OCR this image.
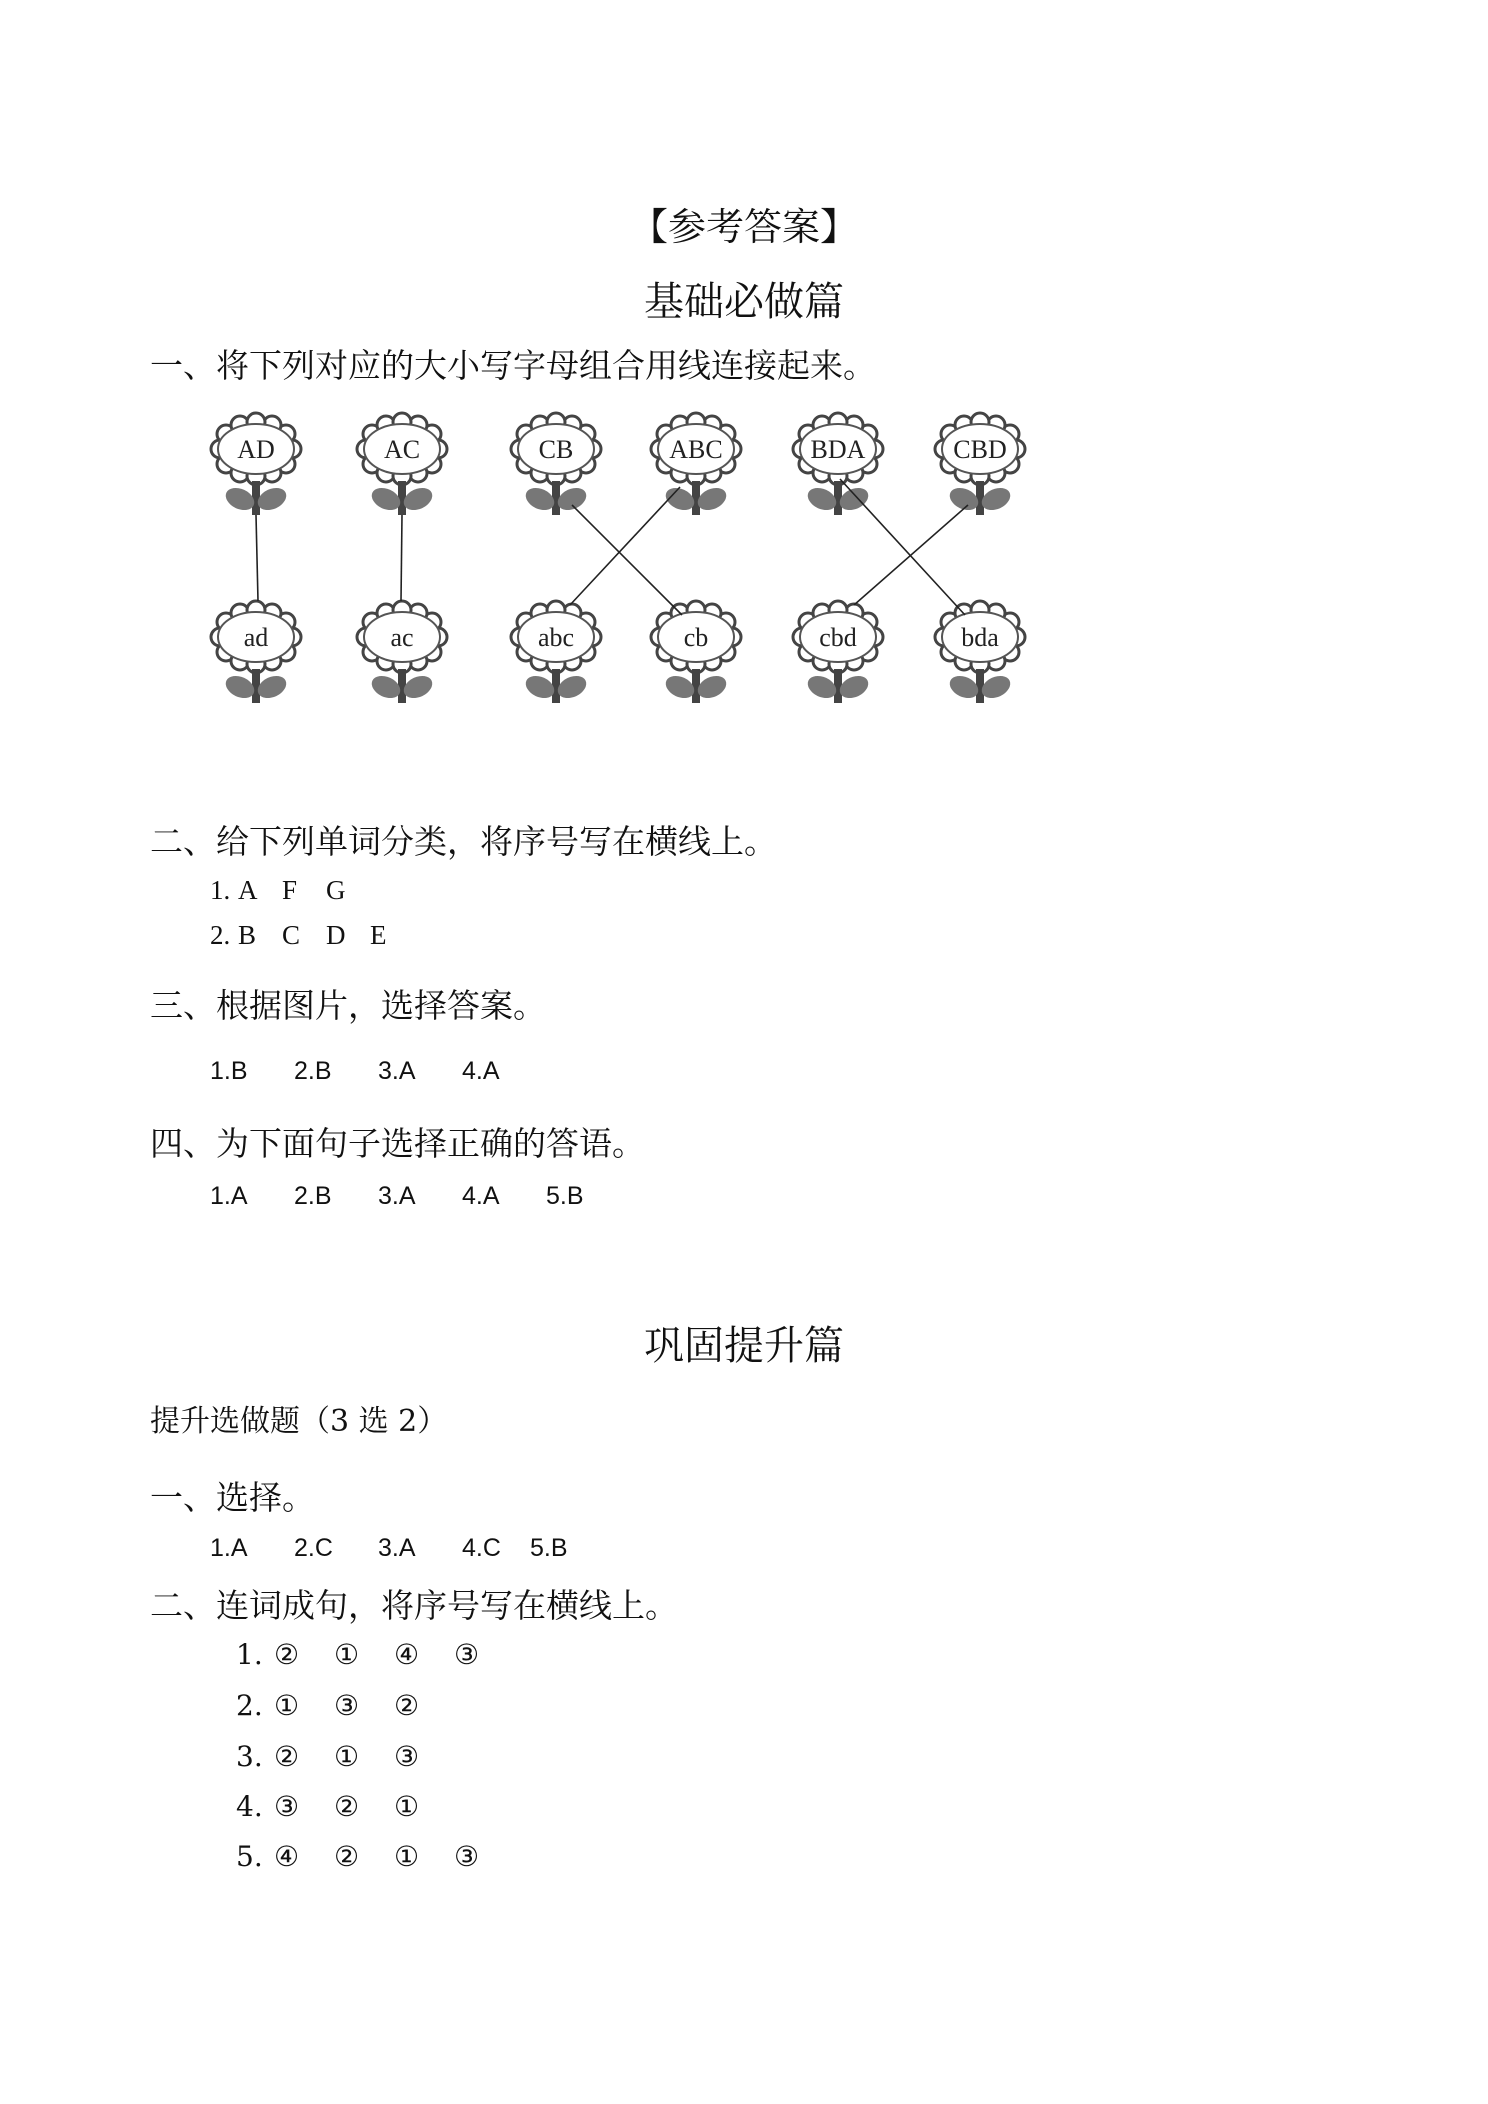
【参考答案】
基础必做篇
一、将下列对应的大小写字母组合用线连接起来。
AD	AC	CB	ABC	BDA	CBD
ad	ac	abc	cb	cbd	bda
二、给下列单词分类，将序号写在横线上。
1. A F	G
2. B C D E
三、根据图片，选择答案。
1.B	2.B	3.A	4.A
四、为下面句子选择正确的答语。
1.A	2.B	3.A	4.A	5.B
巩固提升篇
提升选做题（3 选 2）
一、选择。
1.A	2.C	3.A	4.C	5.B
二、连词成句，将序号写在横线上。
1. ②	①	④	③
2. ①	③	②
3. ②	①	③
4. ③	②	①
5. ④	②	①	③
